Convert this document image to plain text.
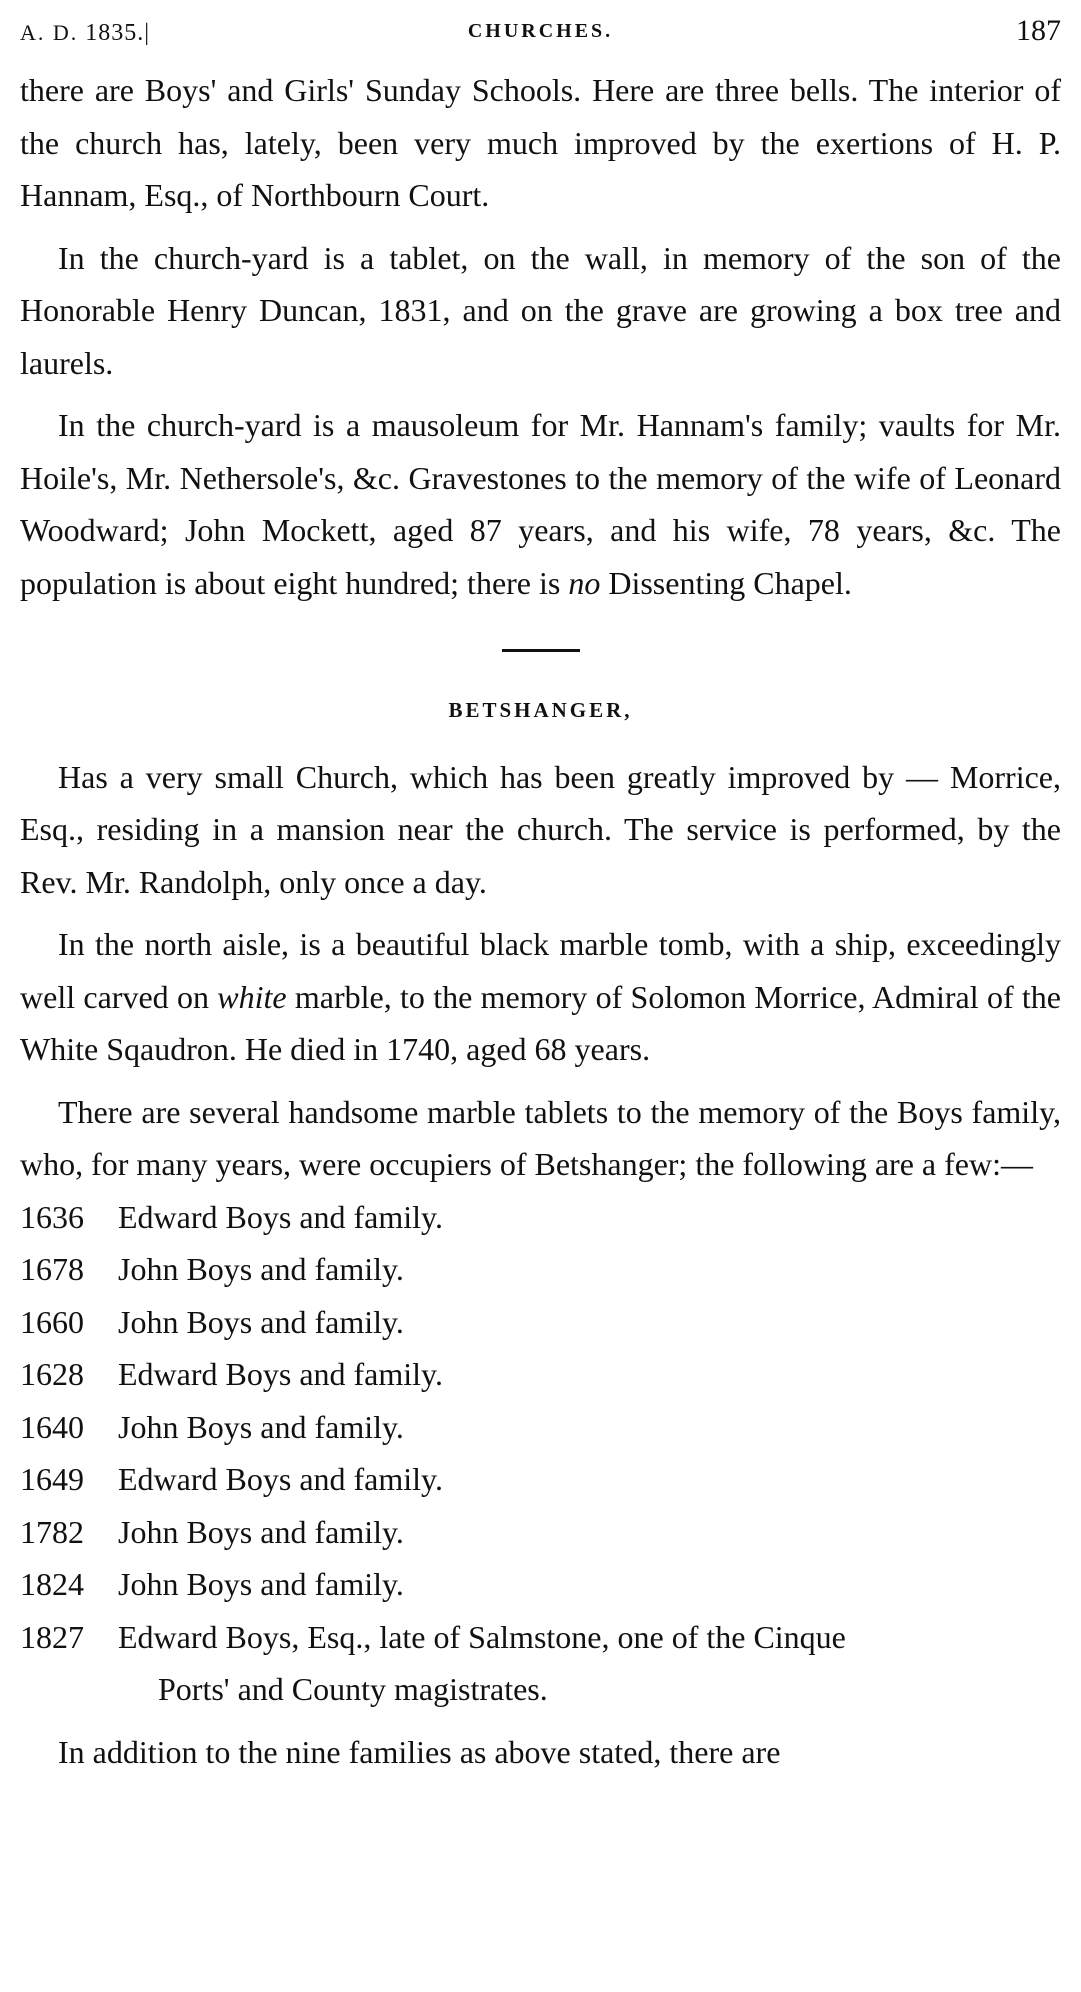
A. D. 1835.|	CHURCHES.	187

there are Boys' and Girls' Sunday Schools. Here are three bells. The interior of the church has, lately, been very much improved by the exertions of H. P. Hannam, Esq., of Northbourn Court.

In the church-yard is a tablet, on the wall, in memory of the son of the Honorable Henry Duncan, 1831, and on the grave are growing a box tree and laurels.

In the church-yard is a mausoleum for Mr. Hannam's family; vaults for Mr. Hoile's, Mr. Nethersole's, &c. Gravestones to the memory of the wife of Leonard Woodward; John Mockett, aged 87 years, and his wife, 78 years, &c. The population is about eight hundred; there is no Dissenting Chapel.

BETSHANGER,

Has a very small Church, which has been greatly improved by — Morrice, Esq., residing in a mansion near the church. The service is performed, by the Rev. Mr. Randolph, only once a day.

In the north aisle, is a beautiful black marble tomb, with a ship, exceedingly well carved on white marble, to the memory of Solomon Morrice, Admiral of the White Sqaudron. He died in 1740, aged 68 years.

There are several handsome marble tablets to the memory of the Boys family, who, for many years, were occupiers of Betshanger; the following are a few:—

1636 Edward Boys and family.

1678 John Boys and family.

1660 John Boys and family.

1628 Edward Boys and family.

1640 John Boys and family.

1649 Edward Boys and family.

1782 John Boys and family.

1824 John Boys and family.

1827 Edward Boys, Esq., late of Salmstone, one of the Cinque

Ports' and County magistrates.

In addition to the nine families as above stated, there are
